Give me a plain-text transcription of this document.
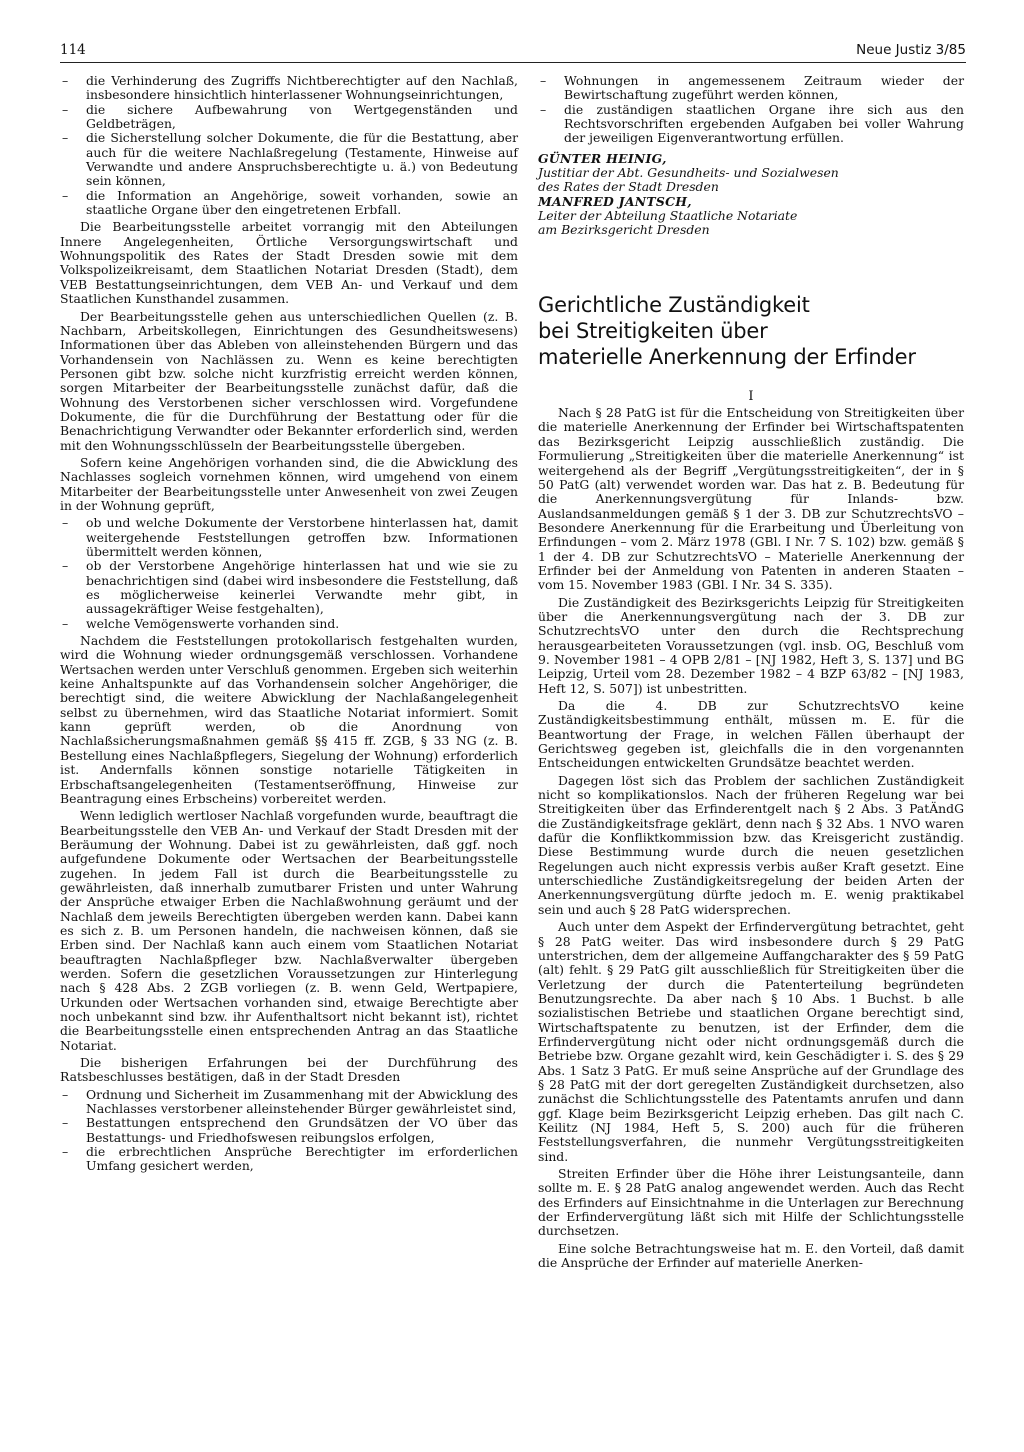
114	Neue Justiz 3/85
– die Verhinderung des Zugriffs Nichtberechtigter auf den Nachlaß, insbesondere hinsichtlich hinterlassener Wohnungseinrichtungen,
– die sichere Aufbewahrung von Wertgegenständen und Geldbeträgen,
– die Sicherstellung solcher Dokumente, die für die Bestattung, aber auch für die weitere Nachlaßregelung (Testamente, Hinweise auf Verwandte und andere Anspruchsberechtigte u. ä.) von Bedeutung sein können,
– die Information an Angehörige, soweit vorhanden, sowie an staatliche Organe über den eingetretenen Erbfall.

Die Bearbeitungsstelle arbeitet vorrangig mit den Abteilungen Innere Angelegenheiten, Örtliche Versorgungswirtschaft und Wohnungspolitik des Rates der Stadt Dresden sowie mit dem Volkspolizeikreisamt, dem Staatlichen Notariat Dresden (Stadt), dem VEB Bestattungseinrichtungen, dem VEB An- und Verkauf und dem Staatlichen Kunsthandel zusammen.

Der Bearbeitungsstelle gehen aus unterschiedlichen Quellen (z. B. Nachbarn, Arbeitskollegen, Einrichtungen des Gesundheitswesens) Informationen über das Ableben von alleinstehenden Bürgern und das Vorhandensein von Nachlässen zu. Wenn es keine berechtigten Personen gibt bzw. solche nicht kurzfristig erreicht werden können, sorgen Mitarbeiter der Bearbeitungsstelle zunächst dafür, daß die Wohnung des Verstorbenen sicher verschlossen wird. Vorgefundene Dokumente, die für die Durchführung der Bestattung oder für die Benachrichtigung Verwandter oder Bekannter erforderlich sind, werden mit den Wohnungsschlüsseln der Bearbeitungsstelle übergeben.

Sofern keine Angehörigen vorhanden sind, die die Abwicklung des Nachlasses sogleich vornehmen können, wird umgehend von einem Mitarbeiter der Bearbeitungsstelle unter Anwesenheit von zwei Zeugen in der Wohnung geprüft,

– ob und welche Dokumente der Verstorbene hinterlassen hat, damit weitergehende Feststellungen getroffen bzw. Informationen übermittelt werden können,
– ob der Verstorbene Angehörige hinterlassen hat und wie sie zu benachrichtigen sind (dabei wird insbesondere die Feststellung, daß es möglicherweise keinerlei Verwandte mehr gibt, in aussagekräftiger Weise festgehalten),
– welche Vemögenswerte vorhanden sind.

Nachdem die Feststellungen protokollarisch festgehalten wurden, wird die Wohnung wieder ordnungsgemäß verschlossen. Vorhandene Wertsachen werden unter Verschluß genommen. Ergeben sich weiterhin keine Anhaltspunkte auf das Vorhandensein solcher Angehöriger, die berechtigt sind, die weitere Abwicklung der Nachlaßangelegenheit selbst zu übernehmen, wird das Staatliche Notariat informiert. Somit kann geprüft werden, ob die Anordnung von Nachlaßsicherungsmaßnahmen gemäß §§ 415 ff. ZGB, § 33 NG (z. B. Bestellung eines Nachlaßpflegers, Siegelung der Wohnung) erforderlich ist. Andernfalls können sonstige notarielle Tätigkeiten in Erbschaftsangelegenheiten (Testamentseröffnung, Hinweise zur Beantragung eines Erbscheins) vorbereitet werden.

Wenn lediglich wertloser Nachlaß vorgefunden wurde, beauftragt die Bearbeitungsstelle den VEB An- und Verkauf der Stadt Dresden mit der Beräumung der Wohnung. Dabei ist zu gewährleisten, daß ggf. noch aufgefundene Dokumente oder Wertsachen der Bearbeitungsstelle zugehen. In jedem Fall ist durch die Bearbeitungsstelle zu gewährleisten, daß innerhalb zumutbarer Fristen und unter Wahrung der Ansprüche etwaiger Erben die Nachlaßwohnung geräumt und der Nachlaß dem jeweils Berechtigten übergeben werden kann. Dabei kann es sich z. B. um Personen handeln, die nachweisen können, daß sie Erben sind. Der Nachlaß kann auch einem vom Staatlichen Notariat beauftragten Nachlaßpfleger bzw. Nachlaßverwalter übergeben werden. Sofern die gesetzlichen Voraussetzungen zur Hinterlegung nach § 428 Abs. 2 ZGB vorliegen (z. B. wenn Geld, Wertpapiere, Urkunden oder Wertsachen vorhanden sind, etwaige Berechtigte aber noch unbekannt sind bzw. ihr Aufenthaltsort nicht bekannt ist), richtet die Bearbeitungsstelle einen entsprechenden Antrag an das Staatliche Notariat.

Die bisherigen Erfahrungen bei der Durchführung des Ratsbeschlusses bestätigen, daß in der Stadt Dresden

– Ordnung und Sicherheit im Zusammenhang mit der Abwicklung des Nachlasses verstorbener alleinstehender Bürger gewährleistet sind,
– Bestattungen entsprechend den Grundsätzen der VO über das Bestattungs- und Friedhofswesen reibungslos erfolgen,
– die erbrechtlichen Ansprüche Berechtigter im erforderlichen Umfang gesichert werden,
– Wohnungen in angemessenem Zeitraum wieder der Bewirtschaftung zugeführt werden können,
– die zuständigen staatlichen Organe ihre sich aus den Rechtsvorschriften ergebenden Aufgaben bei voller Wahrung der jeweiligen Eigenverantwortung erfüllen.
GÜNTER HEINIG,
Justitiar der Abt. Gesundheits- und Sozialwesen
des Rates der Stadt Dresden
MANFRED JANTSCH,
Leiter der Abteilung Staatliche Notariate
am Bezirksgericht Dresden
Gerichtliche Zuständigkeit
bei Streitigkeiten über
materielle Anerkennung der Erfinder
I

Nach § 28 PatG ist für die Entscheidung von Streitigkeiten über die materielle Anerkennung der Erfinder bei Wirtschaftspatenten das Bezirksgericht Leipzig ausschließlich zuständig. Die Formulierung „Streitigkeiten über die materielle Anerkennung“ ist weitergehend als der Begriff „Vergütungsstreitigkeiten“, der in § 50 PatG (alt) verwendet worden war. Das hat z. B. Bedeutung für die Anerkennungsvergütung für Inlands- bzw. Auslandsanmeldungen gemäß § 1 der 3. DB zur SchutzrechtsVO – Besondere Anerkennung für die Erarbeitung und Überleitung von Erfindungen – vom 2. März 1978 (GBl. I Nr. 7 S. 102) bzw. gemäß § 1 der 4. DB zur SchutzrechtsVO – Materielle Anerkennung der Erfinder bei der Anmeldung von Patenten in anderen Staaten – vom 15. November 1983 (GBl. I Nr. 34 S. 335).

Die Zuständigkeit des Bezirksgerichts Leipzig für Streitigkeiten über die Anerkennungsvergütung nach der 3. DB zur SchutzrechtsVO unter den durch die Rechtsprechung herausgearbeiteten Voraussetzungen (vgl. insb. OG, Beschluß vom 9. November 1981 – 4 OPB 2/81 – [NJ 1982, Heft 3, S. 137] und BG Leipzig, Urteil vom 28. Dezember 1982 – 4 BZP 63/82 – [NJ 1983, Heft 12, S. 507]) ist unbestritten.

Da die 4. DB zur SchutzrechtsVO keine Zuständigkeitsbestimmung enthält, müssen m. E. für die Beantwortung der Frage, in welchen Fällen überhaupt der Gerichtsweg gegeben ist, gleichfalls die in den vorgenannten Entscheidungen entwickelten Grundsätze beachtet werden.

Dagegen löst sich das Problem der sachlichen Zuständigkeit nicht so komplikationslos. Nach der früheren Regelung war bei Streitigkeiten über das Erfinderentgelt nach § 2 Abs. 3 PatÄndG die Zuständigkeitsfrage geklärt, denn nach § 32 Abs. 1 NVO waren dafür die Konfliktkommission bzw. das Kreisgericht zuständig. Diese Bestimmung wurde durch die neuen gesetzlichen Regelungen auch nicht expressis verbis außer Kraft gesetzt. Eine unterschiedliche Zuständigkeitsregelung der beiden Arten der Anerkennungsvergütung dürfte jedoch m. E. wenig praktikabel sein und auch § 28 PatG widersprechen.

Auch unter dem Aspekt der Erfindervergütung betrachtet, geht § 28 PatG weiter. Das wird insbesondere durch § 29 PatG unterstrichen, dem der allgemeine Auffangcharakter des § 59 PatG (alt) fehlt. § 29 PatG gilt ausschließlich für Streitigkeiten über die Verletzung der durch die Patenterteilung begründeten Benutzungsrechte. Da aber nach § 10 Abs. 1 Buchst. b alle sozialistischen Betriebe und staatlichen Organe berechtigt sind, Wirtschaftspatente zu benutzen, ist der Erfinder, dem die Erfindervergütung nicht oder nicht ordnungsgemäß durch die Betriebe bzw. Organe gezahlt wird, kein Geschädigter i. S. des § 29 Abs. 1 Satz 3 PatG. Er muß seine Ansprüche auf der Grundlage des § 28 PatG mit der dort geregelten Zuständigkeit durchsetzen, also zunächst die Schlichtungsstelle des Patentamts anrufen und dann ggf. Klage beim Bezirksgericht Leipzig erheben. Das gilt nach C. Keilitz (NJ 1984, Heft 5, S. 200) auch für die früheren Feststellungsverfahren, die nunmehr Vergütungsstreitigkeiten sind.

Streiten Erfinder über die Höhe ihrer Leistungsanteile, dann sollte m. E. § 28 PatG analog angewendet werden. Auch das Recht des Erfinders auf Einsichtnahme in die Unterlagen zur Berechnung der Erfindervergütung läßt sich mit Hilfe der Schlichtungsstelle durchsetzen.

Eine solche Betrachtungsweise hat m. E. den Vorteil, daß damit die Ansprüche der Erfinder auf materielle Anerken-
